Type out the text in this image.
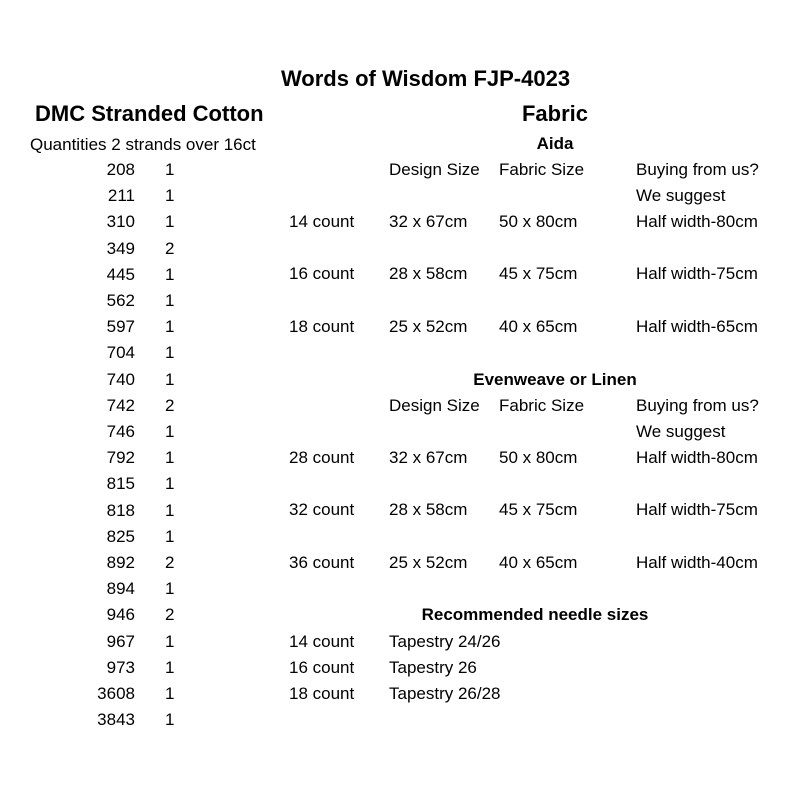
Words of Wisdom FJP-4023
DMC Stranded Cotton
Quantities 2 strands over 16ct
208 1
211 1
310 1
349 2
445 1
562 1
597 1
704 1
740 1
742 2
746 1
792 1
815 1
818 1
825 1
892 2
894 1
946 2
967 1
973 1
3608 1
3843 1
Fabric
Aida
Design Size Fabric Size	Buying from us?
We suggest
14 count 32 x 67cm 50 x 80cm	Half width-80cm
16 count 28 x 58cm 45 x 75cm	Half width-75cm
18 count 25 x 52cm 40 x 65cm	Half width-65cm
Evenweave or Linen
Design Size Fabric Size	Buying from us?
We suggest
28 count 32 x 67cm 50 x 80cm	Half width-80cm
32 count 28 x 58cm 45 x 75cm	Half width-75cm
36 count 25 x 52cm 40 x 65cm	Half width-40cm
Recommended needle sizes
14 count Tapestry 24/26
16 count Tapestry 26
18 count Tapestry 26/28
